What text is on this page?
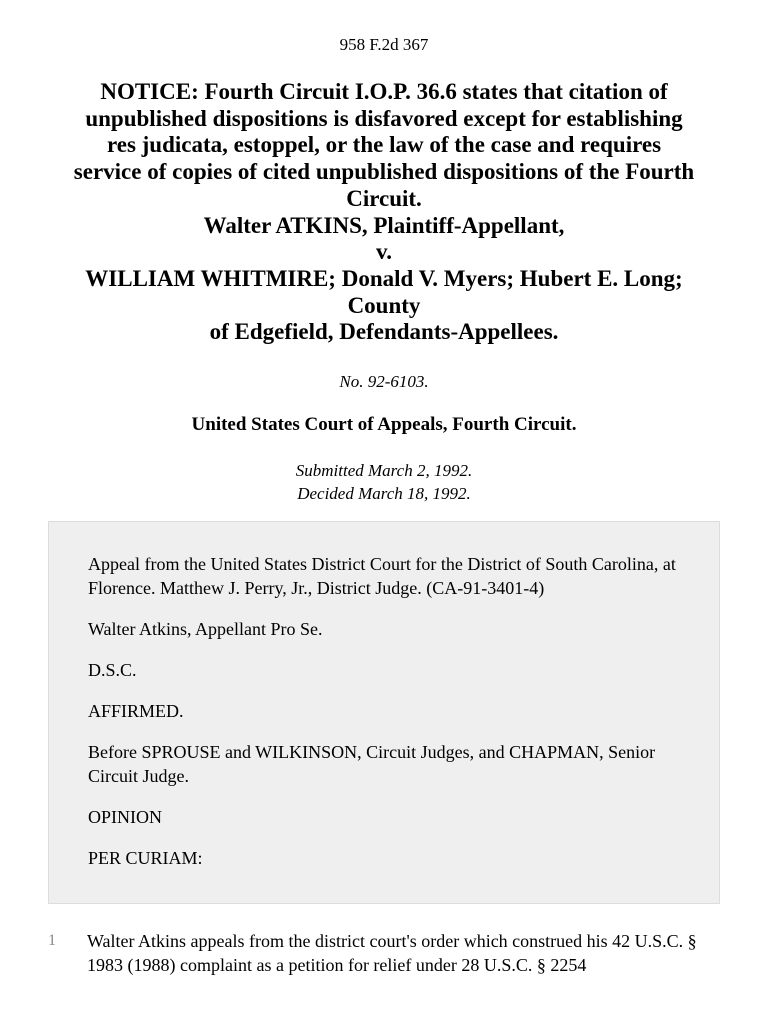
958 F.2d 367
NOTICE: Fourth Circuit I.O.P. 36.6 states that citation of
unpublished dispositions is disfavored except for establishing
res judicata, estoppel, or the law of the case and requires
service of copies of cited unpublished dispositions of the Fourth
Circuit.
Walter ATKINS, Plaintiff-Appellant,
v.
WILLIAM WHITMIRE; Donald V. Myers; Hubert E. Long;
County
of Edgefield, Defendants-Appellees.
No. 92-6103.
United States Court of Appeals, Fourth Circuit.
Submitted March 2, 1992.
Decided March 18, 1992.

Appeal from the United States District Court for the District of South Carolina, at Florence. Matthew J. Perry, Jr., District Judge. (CA-91-3401-4)

Walter Atkins, Appellant Pro Se.

D.S.C.

AFFIRMED.

Before SPROUSE and WILKINSON, Circuit Judges, and CHAPMAN, Senior Circuit Judge.

OPINION

PER CURIAM:

1 Walter Atkins appeals from the district court's order which construed his 42 U.S.C. § 1983 (1988) complaint as a petition for relief under 28 U.S.C. § 2254
